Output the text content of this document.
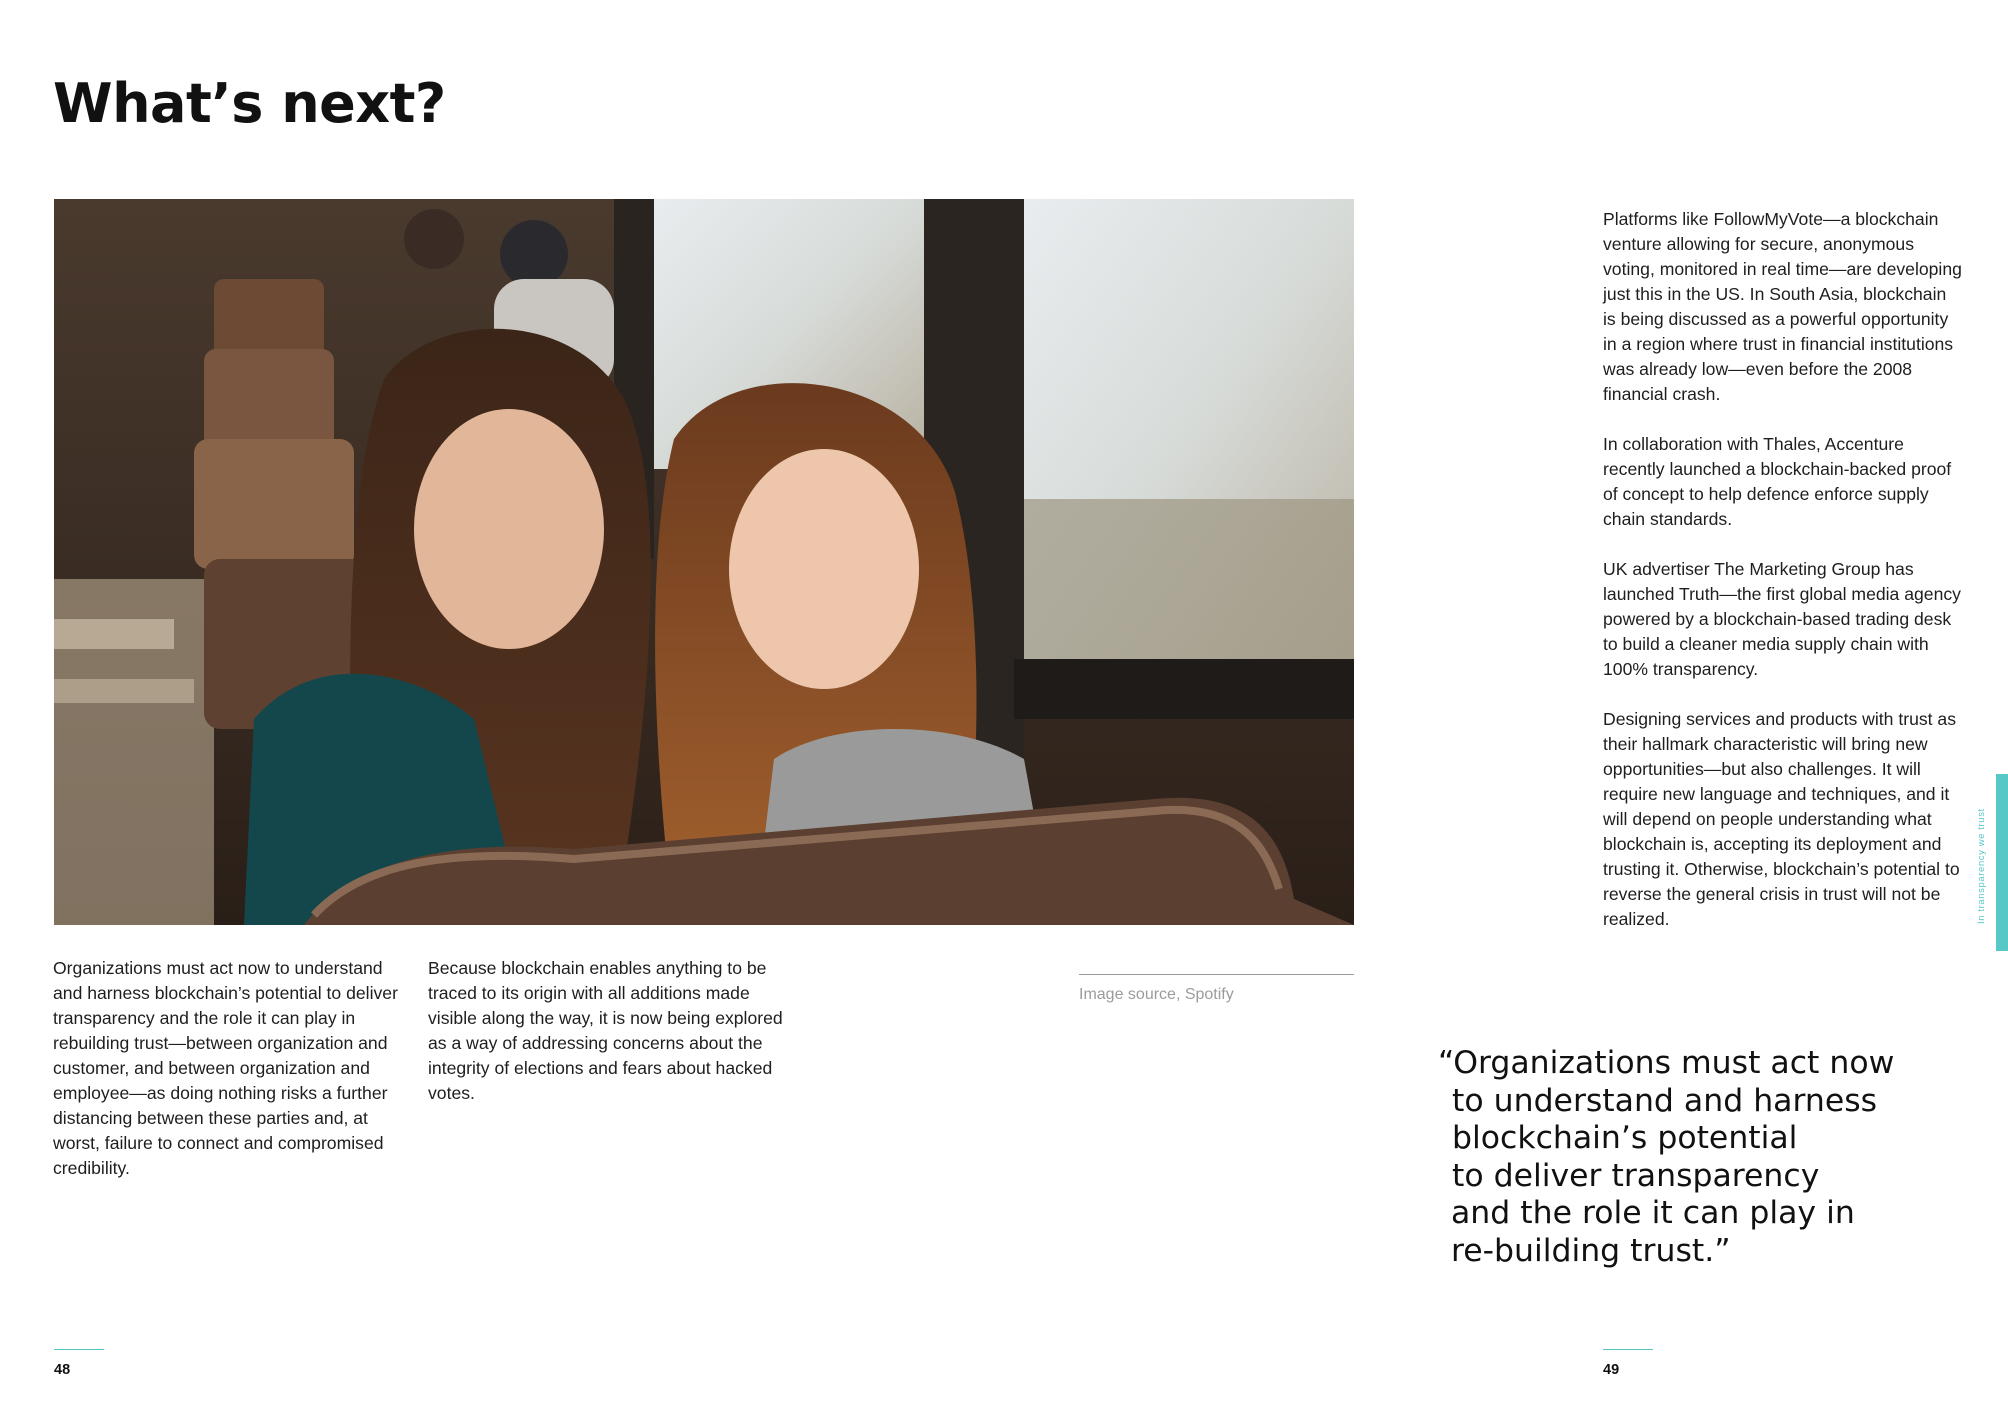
What’s next?

Organizations must act now to understand and harness blockchain’s potential to deliver transparency and the role it can play in rebuilding trust—between organization and customer, and between organization and employee—as doing nothing risks a further distancing between these parties and, at worst, failure to connect and compromised credibility.

Because blockchain enables anything to be traced to its origin with all additions made visible along the way, it is now being explored as a way of addressing concerns about the integrity of elections and fears about hacked votes.

Image source, Spotify

Platforms like FollowMyVote—a blockchain venture allowing for secure, anonymous voting, monitored in real time—are developing just this in the US. In South Asia, blockchain is being discussed as a powerful opportunity in a region where trust in financial institutions was already low—even before the 2008 financial crash.

In collaboration with Thales, Accenture recently launched a blockchain-backed proof of concept to help defence enforce supply chain standards.

UK advertiser The Marketing Group has launched Truth—the first global media agency powered by a blockchain-based trading desk to build a cleaner media supply chain with 100% transparency.

Designing services and products with trust as their hallmark characteristic will bring new opportunities—but also challenges. It will require new language and techniques, and it will depend on people understanding what blockchain is, accepting its deployment and trusting it. Otherwise, blockchain’s potential to reverse the general crisis in trust will not be realized.

“Organizations must act now
to understand and harness
blockchain’s potential
to deliver transparency
and the role it can play in
re-building trust.”
In transparency we trust
48	49
